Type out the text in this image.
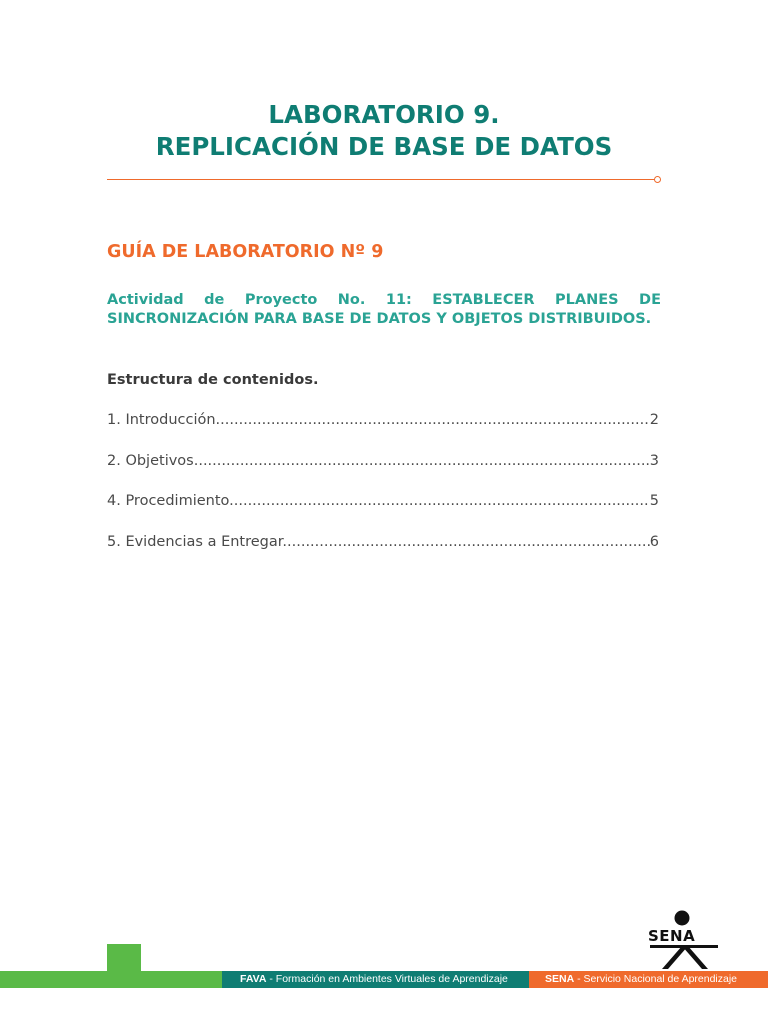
LABORATORIO 9.
REPLICACIÓN DE BASE DE DATOS
GUÍA DE LABORATORIO Nº 9

Actividad de Proyecto No. 11: ESTABLECER PLANES DE SINCRONIZACIÓN PARA BASE DE DATOS Y OBJETOS DISTRIBUIDOS.

Estructura de contenidos.
1. Introducción .....	2
2. Objetivos. .....	3
4. Procedimiento. .....	5
5. Evidencias a Entregar. .....	6
FAVA - Formación en Ambientes Virtuales de Aprendizaje	SENA - Servicio Nacional de Aprendizaje
SENA
